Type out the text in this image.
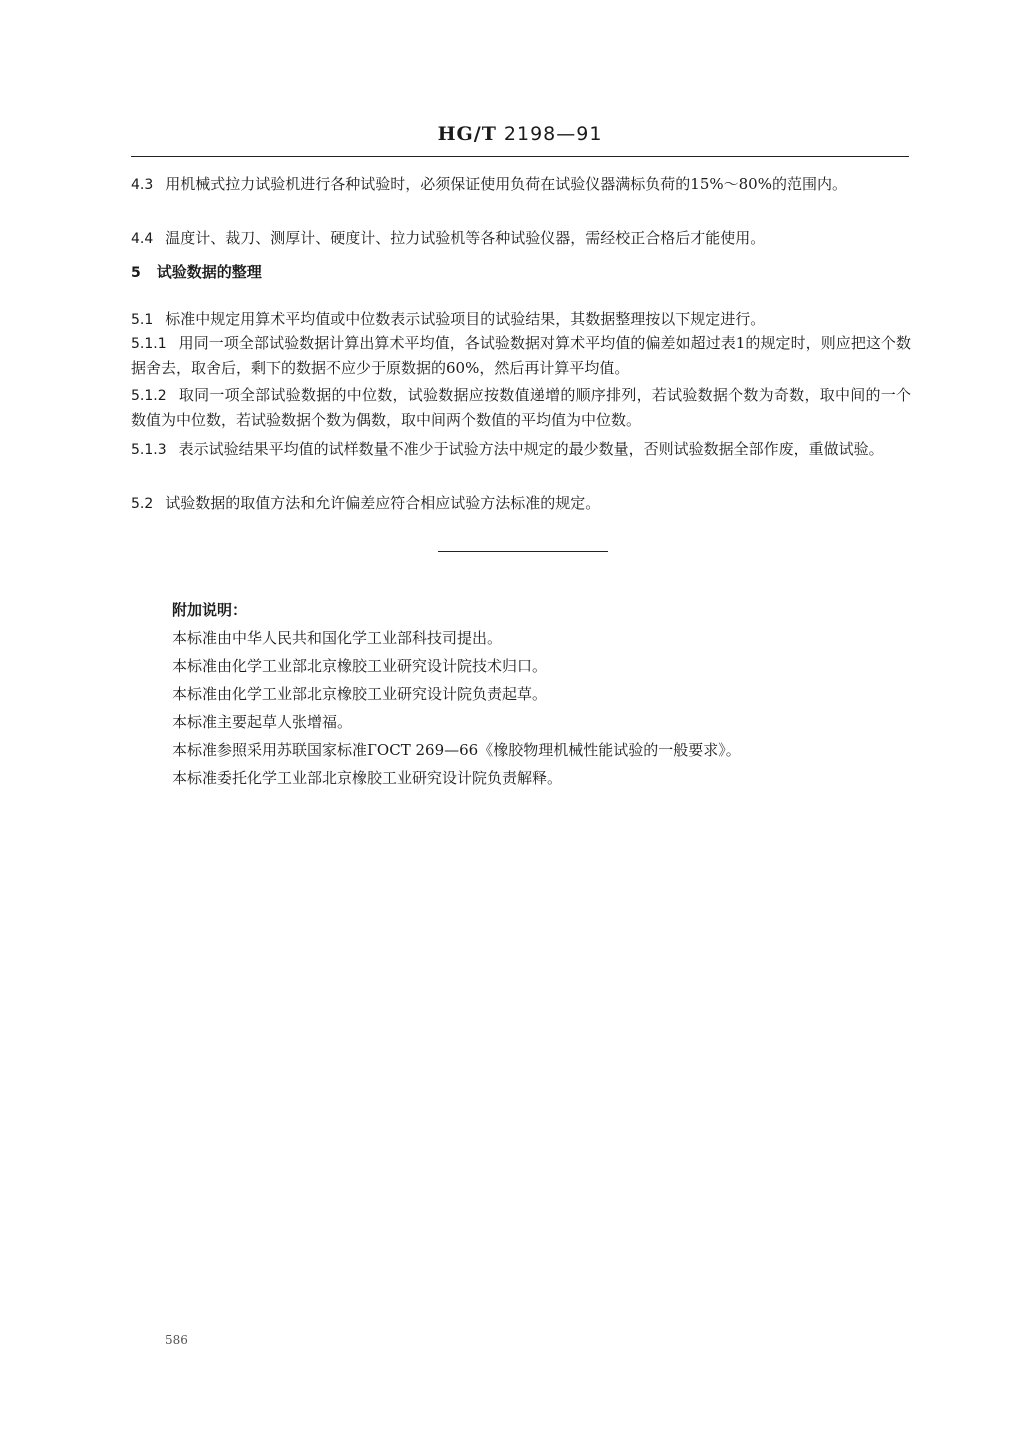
HG/T 2198—91
4.3 用机械式拉力试验机进行各种试验时，必须保证使用负荷在试验仪器满标负荷的15%～80%的范围内。
4.4 温度计、裁刀、测厚计、硬度计、拉力试验机等各种试验仪器，需经校正合格后才能使用。
5 试验数据的整理
5.1 标准中规定用算术平均值或中位数表示试验项目的试验结果，其数据整理按以下规定进行。
5.1.1 用同一项全部试验数据计算出算术平均值，各试验数据对算术平均值的偏差如超过表1的规定时，则应把这个数据舍去，取舍后，剩下的数据不应少于原数据的60%，然后再计算平均值。
5.1.2 取同一项全部试验数据的中位数，试验数据应按数值递增的顺序排列，若试验数据个数为奇数，取中间的一个数值为中位数，若试验数据个数为偶数，取中间两个数值的平均值为中位数。
5.1.3 表示试验结果平均值的试样数量不准少于试验方法中规定的最少数量，否则试验数据全部作废，重做试验。
5.2 试验数据的取值方法和允许偏差应符合相应试验方法标准的规定。
附加说明：
本标准由中华人民共和国化学工业部科技司提出。
本标准由化学工业部北京橡胶工业研究设计院技术归口。
本标准由化学工业部北京橡胶工业研究设计院负责起草。
本标准主要起草人张增福。
本标准参照采用苏联国家标准ГОСТ 269—66《橡胶物理机械性能试验的一般要求》。
本标准委托化学工业部北京橡胶工业研究设计院负责解释。
586
